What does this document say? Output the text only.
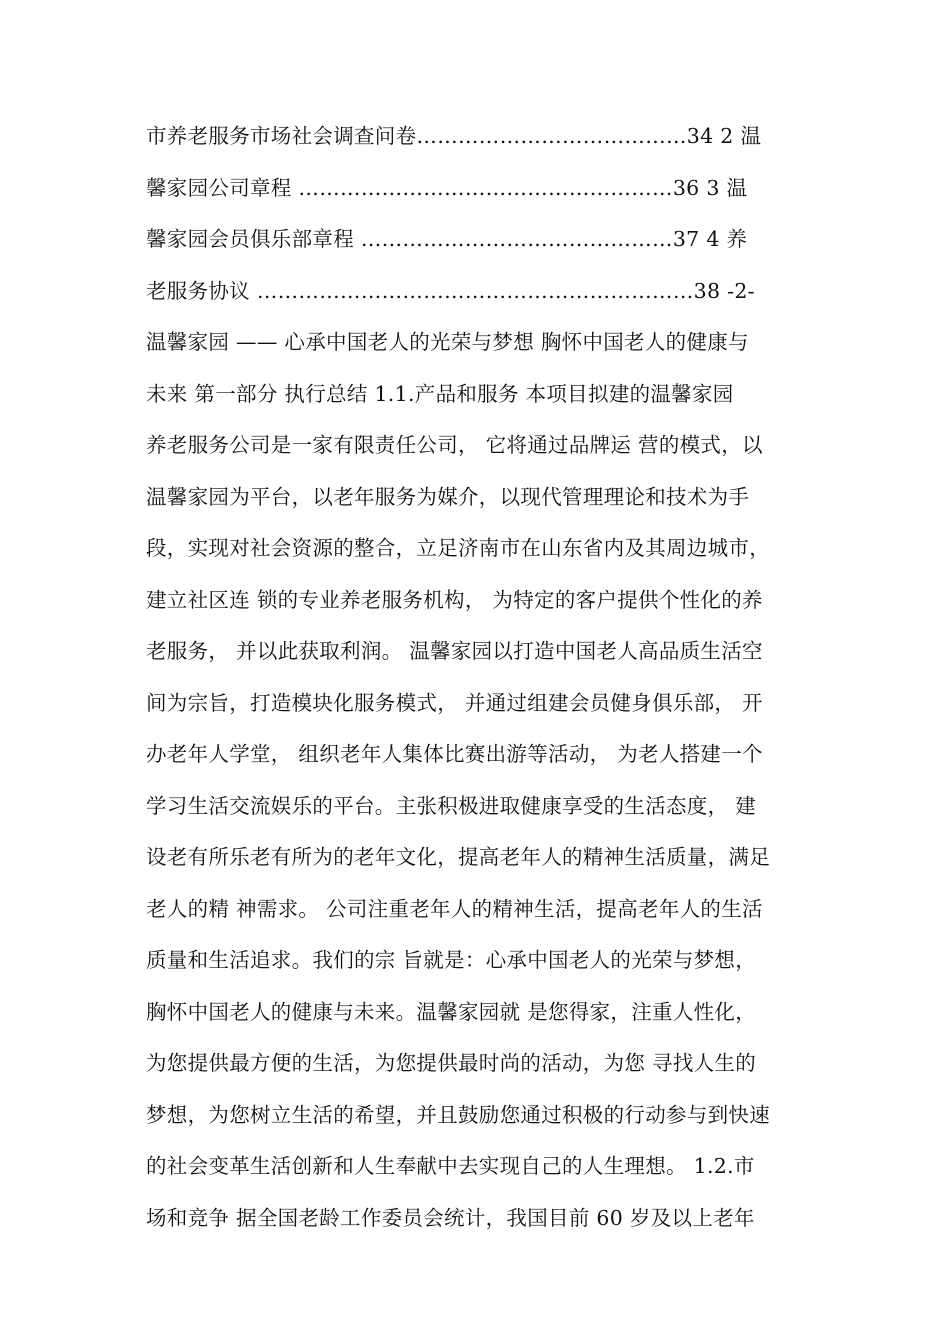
市养老服务市场社会调查问卷…………………………………34 2 温
馨家园公司章程 ………………………………………………36 3 温
馨家园会员俱乐部章程 ………………………………………37 4 养
老服务协议 ………………………………………………………38 -2-
温馨家园 —— 心承中国老人的光荣与梦想 胸怀中国老人的健康与
未来 第一部分 执行总结 1.1.产品和服务 本项目拟建的温馨家园
养老服务公司是一家有限责任公司， 它将通过品牌运 营的模式，以
温馨家园为平台，以老年服务为媒介，以现代管理理论和技术为手
段，实现对社会资源的整合，立足济南市在山东省内及其周边城市，
建立社区连 锁的专业养老服务机构， 为特定的客户提供个性化的养
老服务， 并以此获取利润。 温馨家园以打造中国老人高品质生活空
间为宗旨，打造模块化服务模式， 并通过组建会员健身俱乐部， 开
办老年人学堂， 组织老年人集体比赛出游等活动， 为老人搭建一个
学习生活交流娱乐的平台。主张积极进取健康享受的生活态度， 建
设老有所乐老有所为的老年文化，提高老年人的精神生活质量，满足
老人的精 神需求。 公司注重老年人的精神生活，提高老年人的生活
质量和生活追求。我们的宗 旨就是：心承中国老人的光荣与梦想，
胸怀中国老人的健康与未来。温馨家园就 是您得家，注重人性化，
为您提供最方便的生活，为您提供最时尚的活动，为您 寻找人生的
梦想，为您树立生活的希望，并且鼓励您通过积极的行动参与到快速
的社会变革生活创新和人生奉献中去实现自己的人生理想。 1.2.市
场和竞争 据全国老龄工作委员会统计，我国目前 60 岁及以上老年
